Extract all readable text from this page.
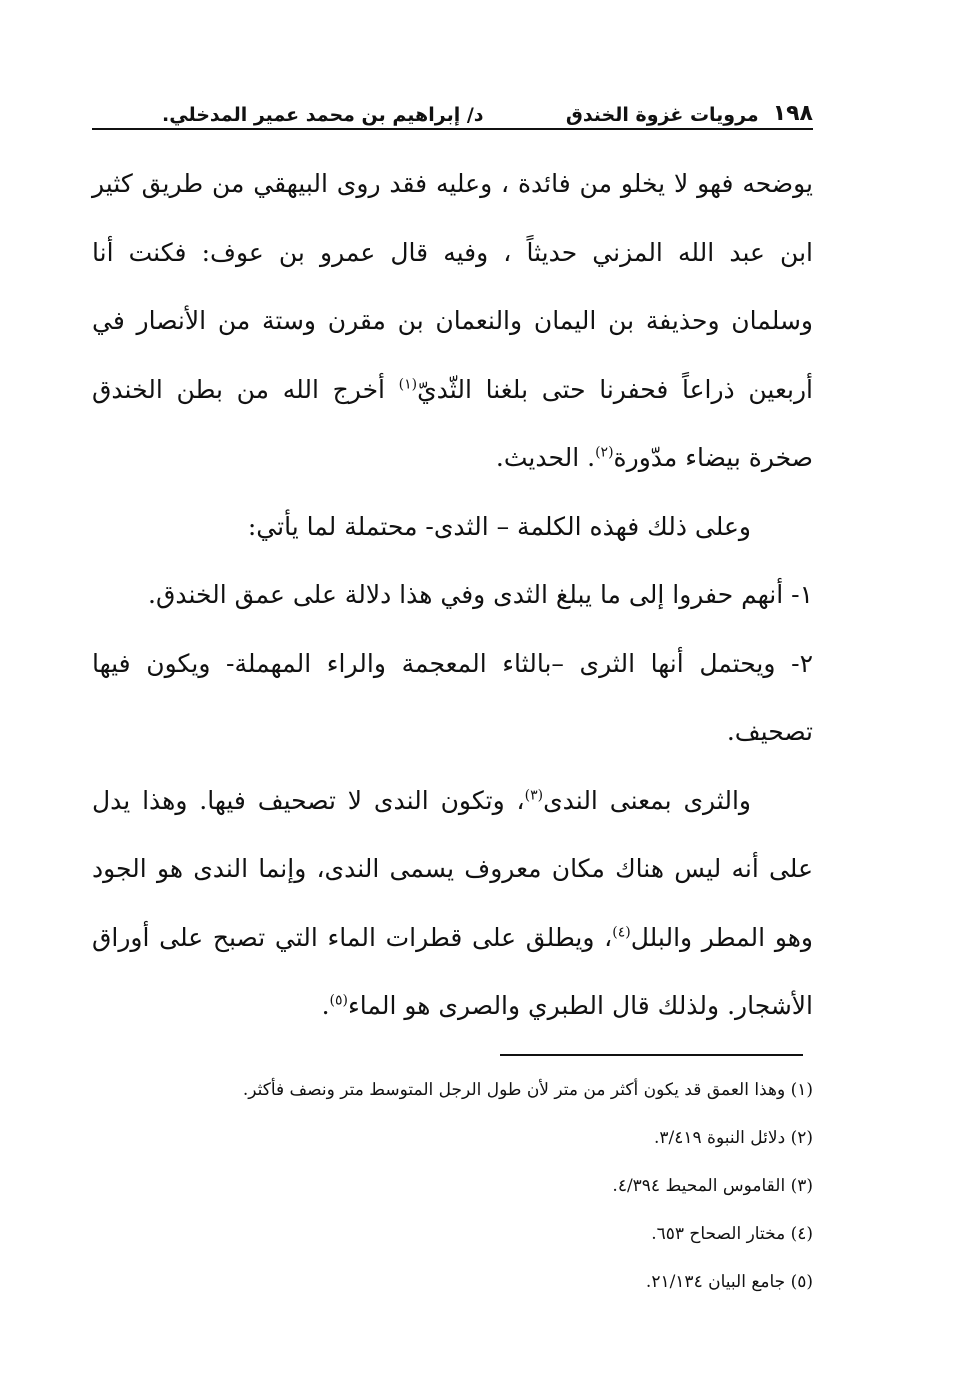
١٩٨
مرويات غزوة الخندق
د/ إبراهيم بن محمد عمير المدخلي.

يوضحه فهو لا يخلو من فائدة ، وعليه فقد روى البيهقي من طريق كثير ابن عبد الله المزني حديثاً ، وفيه قال عمرو بن عوف: فكنت أنا وسلمان وحذيفة بن اليمان والنعمان بن مقرن وستة من الأنصار في أربعين ذراعاً فحفرنا حتى بلغنا الثّديّ$^{(١)}$ أخرج الله من بطن الخندق صخرة بيضاء مدّورة$^{(٢)}$. الحديث.

وعلى ذلك فهذه الكلمة – الثدى- محتملة لما يأتي:

١- أنهم حفروا إلى ما يبلغ الثدى وفي هذا دلالة على عمق الخندق.

٢- ويحتمل أنها الثرى –بالثاء المعجمة والراء المهملة- ويكون فيها تصحيف.

والثرى بمعنى الندى$^{(٣)}$، وتكون الندى لا تصحيف فيها. وهذا يدل على أنه ليس هناك مكان معروف يسمى الندى، وإنما الندى هو الجود وهو المطر والبلل$^{(٤)}$، ويطلق على قطرات الماء التي تصبح على أوراق الأشجار. ولذلك قال الطبري والصرى هو الماء$^{(٥)}$.

(١) وهذا العمق قد يكون أكثر من متر لأن طول الرجل المتوسط متر ونصف فأكثر.

(٢) دلائل النبوة ٣/٤١٩.

(٣) القاموس المحيط ٤/٣٩٤.

(٤) مختار الصحاح ٦٥٣.

(٥) جامع البيان ٢١/١٣٤.
